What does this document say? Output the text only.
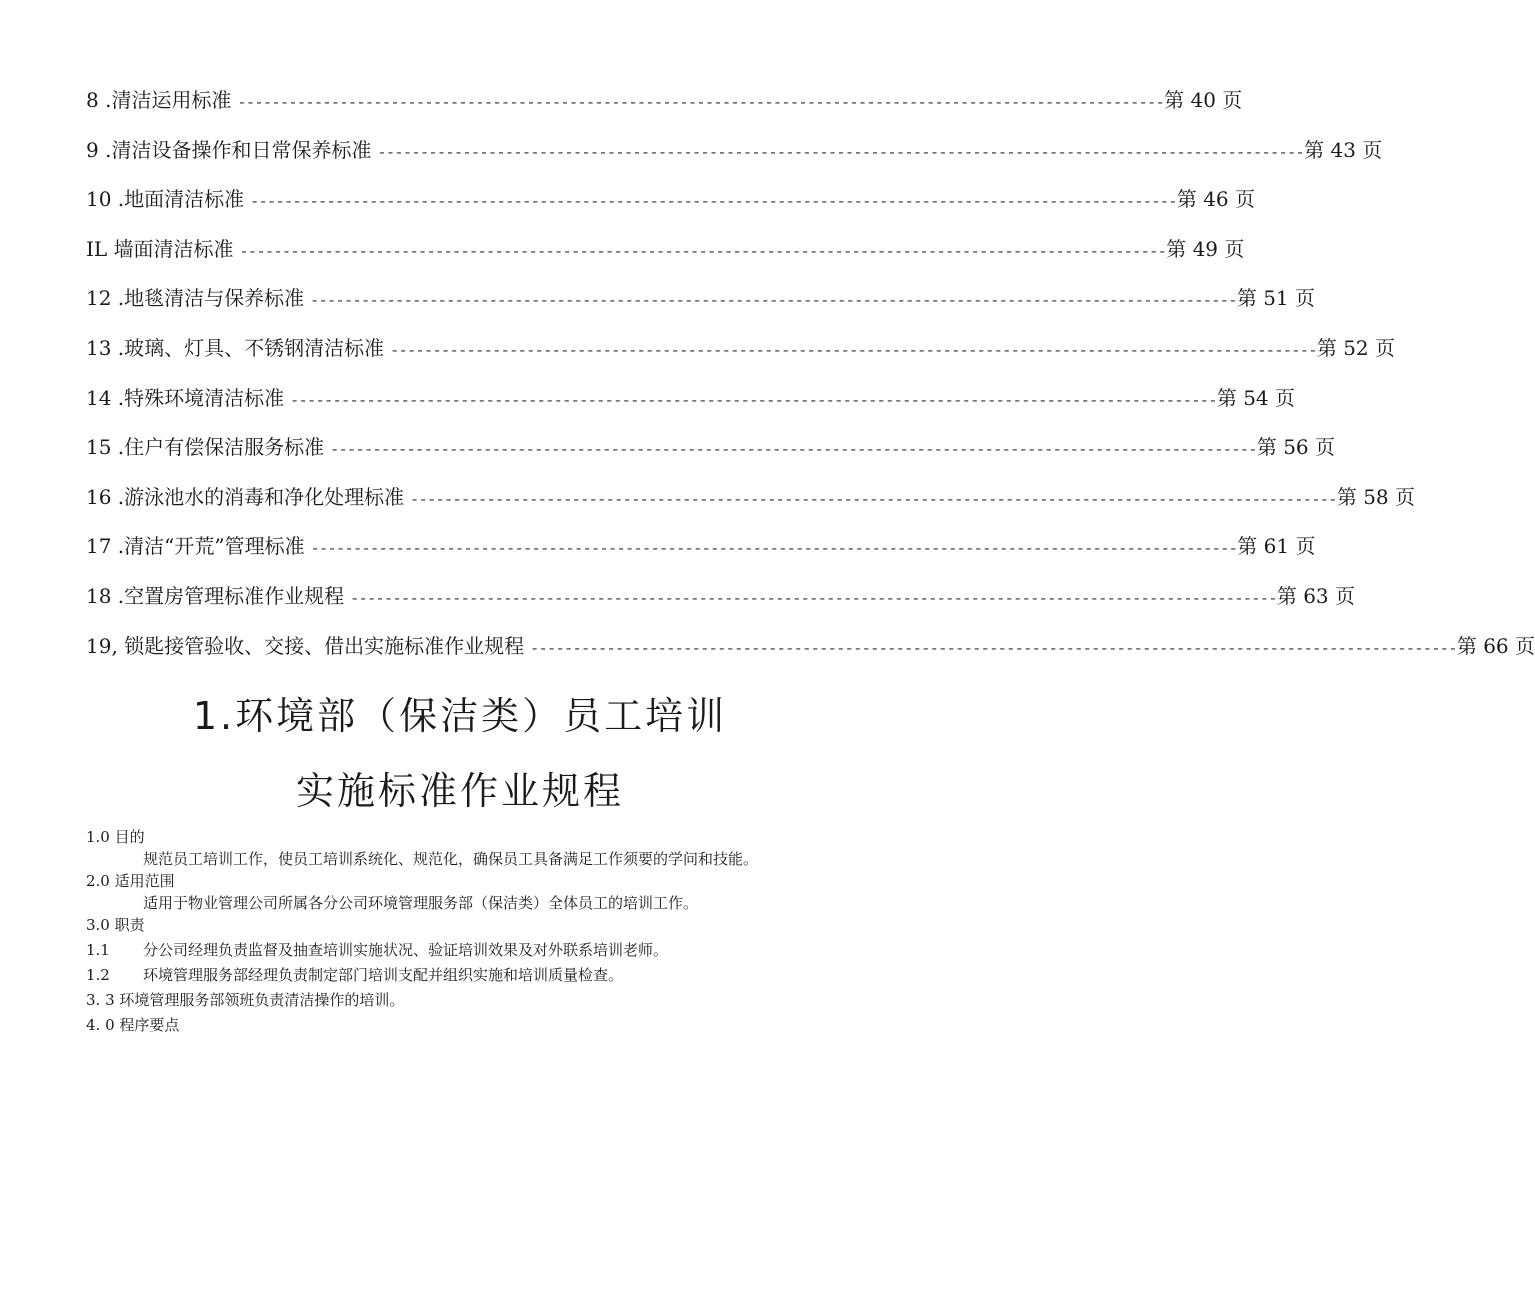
8 .清洁运用标准 ------------------------------------------------------------------------------------------------------------- 第 40 页
9 .清洁设备操作和日常保养标准 ------------------------------------------------------------------------------------------------------------- 第 43 页
10 .地面清洁标准 ------------------------------------------------------------------------------------------------------------- 第 46 页
IL 墙面清洁标准 ------------------------------------------------------------------------------------------------------------- 第 49 页
12 .地毯清洁与保养标准 ------------------------------------------------------------------------------------------------------------- 第 51 页
13 .玻璃、灯具、不锈钢清洁标准 ------------------------------------------------------------------------------------------------------------- 第 52 页
14 .特殊环境清洁标准 ------------------------------------------------------------------------------------------------------------- 第 54 页
15 .住户有偿保洁服务标准 ------------------------------------------------------------------------------------------------------------- 第 56 页
16 .游泳池水的消毒和净化处理标准 ------------------------------------------------------------------------------------------------------------- 第 58 页
17 .清洁“开荒”管理标准 ------------------------------------------------------------------------------------------------------------- 第 61 页
18 .空置房管理标准作业规程 ------------------------------------------------------------------------------------------------------------- 第 63 页
19, 锁匙接管验收、交接、借出实施标准作业规程 ------------------------------------------------------------------------------------------------------------- 第 66 页
1.环境部（保洁类）员工培训
实施标准作业规程

1.0 目的

规范员工培训工作，使员工培训系统化、规范化，确保员工具备满足工作须要的学问和技能。

2.0 适用范围

适用于物业管理公司所属各分公司环境管理服务部（保洁类）全体员工的培训工作。

3.0 职责

1.1	分公司经理负责监督及抽查培训实施状况、验证培训效果及对外联系培训老师。
1.2	环境管理服务部经理负责制定部门培训支配并组织实施和培训质量检查。

3. 3 环境管理服务部领班负责清洁操作的培训。

4. 0 程序要点
